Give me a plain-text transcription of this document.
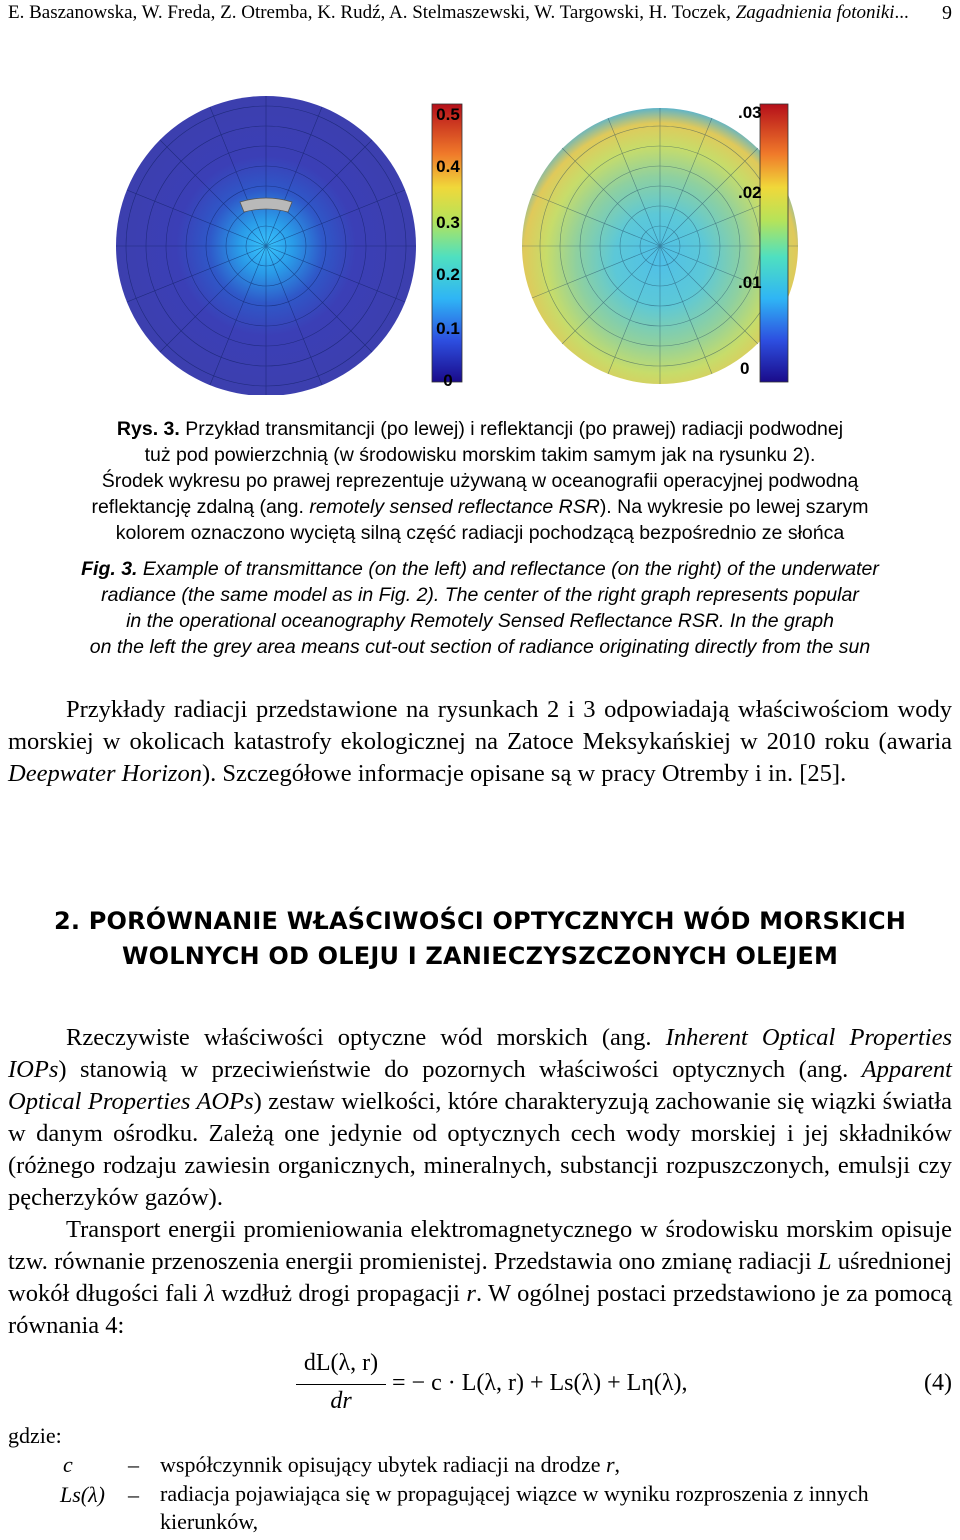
E. Baszanowska, W. Freda, Z. Otremba, K. Rudź, A. Stelmaszewski, W. Targowski, H. Toczek, Zagadnienia fotoniki... 9
0.5
0.4
0.3
0.2
0.1
0
.03
.02
.01
0
Rys. 3. Przykład transmitancji (po lewej) i reflektancji (po prawej) radiacji podwodnej
tuż pod powierzchnią (w środowisku morskim takim samym jak na rysunku 2).
Środek wykresu po prawej reprezentuje używaną w oceanografii operacyjnej podwodną
reflektancję zdalną (ang. remotely sensed reflectance RSR). Na wykresie po lewej szarym
kolorem oznaczono wyciętą silną część radiacji pochodzącą bezpośrednio ze słońca
Fig. 3. Example of transmittance (on the left) and reflectance (on the right) of the underwater
radiance (the same model as in Fig. 2). The center of the right graph represents popular
in the operational oceanography Remotely Sensed Reflectance RSR. In the graph
on the left the grey area means cut-out section of radiance originating directly from the sun
Przykłady radiacji przedstawione na rysunkach 2 i 3 odpowiadają właściwościom wody morskiej w okolicach katastrofy ekologicznej na Zatoce Meksykańskiej w 2010 roku (awaria Deepwater Horizon). Szczegółowe informacje opisane są w pracy Otremby i in. [25].
2. PORÓWNANIE WŁAŚCIWOŚCI OPTYCZNYCH WÓD MORSKICH
WOLNYCH OD OLEJU I ZANIECZYSZCZONYCH OLEJEM
Rzeczywiste właściwości optyczne wód morskich (ang. Inherent Optical Properties IOPs) stanowią w przeciwieństwie do pozornych właściwości optycznych (ang. Apparent Optical Properties AOPs) zestaw wielkości, które charakteryzują zachowanie się wiązki światła w danym ośrodku. Zależą one jedynie od optycznych cech wody morskiej i jej składników (różnego rodzaju zawiesin organicznych, mineralnych, substancji rozpuszczonych, emulsji czy pęcherzyków gazów).
Transport energii promieniowania elektromagnetycznego w środowisku morskim opisuje tzw. równanie przenoszenia energii promienistej. Przedstawia ono zmianę radiacji L uśrednionej wokół długości fali λ wzdłuż drogi propagacji r. W ogólnej postaci przedstawiono je za pomocą równania 4:
dL(λ, r)
dr
= − c · L(λ, r) + Ls(λ) + Lη(λ),	(4)
gdzie:
c	– współczynnik opisujący ubytek radiacji na drodze r,
Ls(λ)	– radiacja pojawiająca się w propagującej wiązce w wyniku rozproszenia z innych kierunków,
